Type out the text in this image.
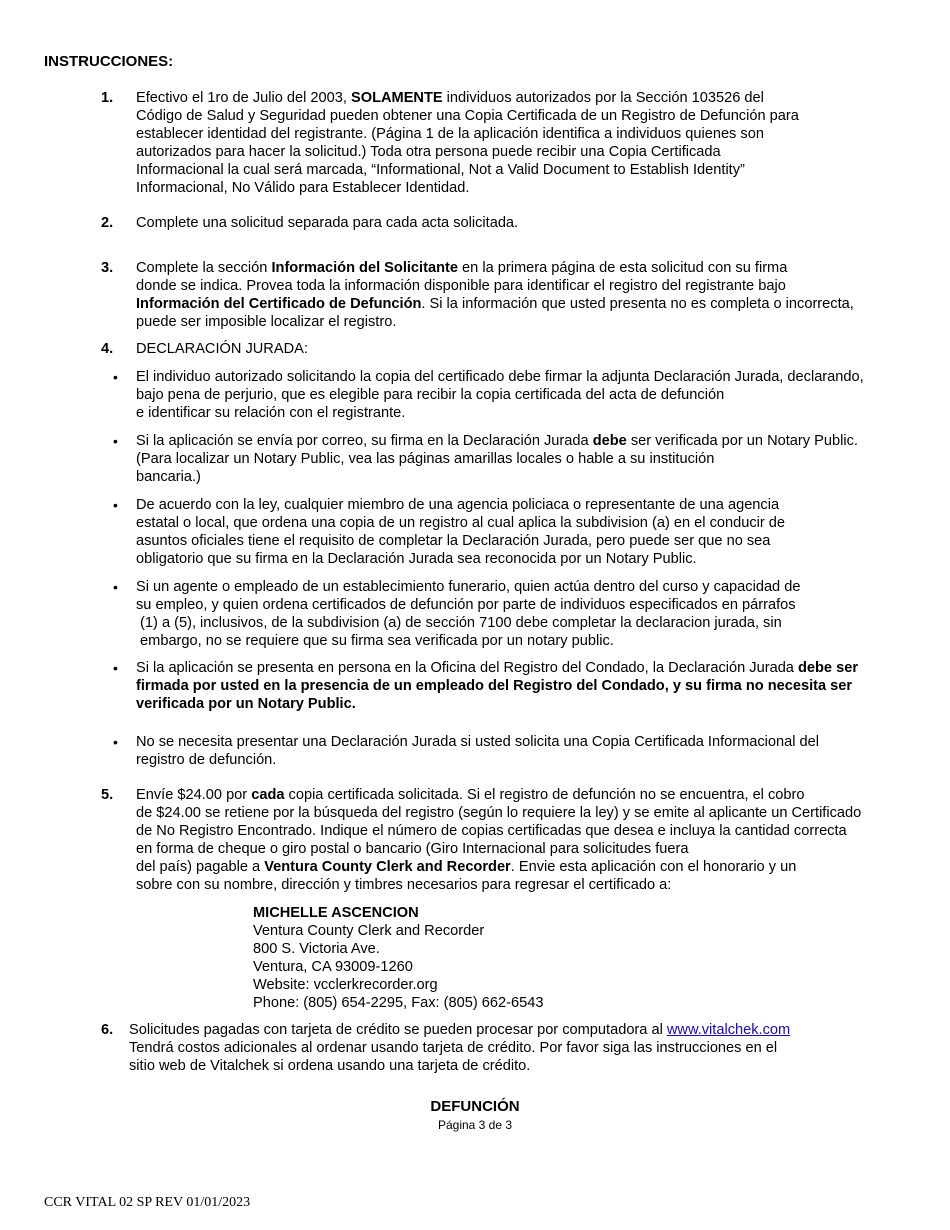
INSTRUCCIONES:
1. Efectivo el 1ro de Julio del 2003, SOLAMENTE individuos autorizados por la Sección 103526 del
Código de Salud y Seguridad pueden obtener una Copia Certificada de un Registro de Defunción para
establecer identidad del registrante. (Página 1 de la aplicación identifica a individuos quienes son
autorizados para hacer la solicitud.) Toda otra persona puede recibir una Copia Certificada
Informacional la cual será marcada, “Informational, Not a Valid Document to Establish Identity”
Informacional, No Válido para Establecer Identidad.
2. Complete una solicitud separada para cada acta solicitada.
3. Complete la sección Información del Solicitante en la primera página de esta solicitud con su firma
donde se indica. Provea toda la información disponible para identificar el registro del registrante bajo
Información del Certificado de Defunción. Si la información que usted presenta no es completa o incorrecta,
puede ser imposible localizar el registro.
4. DECLARACIÓN JURADA:
• El individuo autorizado solicitando la copia del certificado debe firmar la adjunta Declaración Jurada, declarando,
bajo pena de perjurio, que es elegible para recibir la copia certificada del acta de defunción
e identificar su relación con el registrante.
• Si la aplicación se envía por correo, su firma en la Declaración Jurada debe ser verificada por un Notary Public.
(Para localizar un Notary Public, vea las páginas amarillas locales o hable a su institución
bancaria.)
• De acuerdo con la ley, cualquier miembro de una agencia policiaca o representante de una agencia
estatal o local, que ordena una copia de un registro al cual aplica la subdivision (a) en el conducir de
asuntos oficiales tiene el requisito de completar la Declaración Jurada, pero puede ser que no sea
obligatorio que su firma en la Declaración Jurada sea reconocida por un Notary Public.
• Si un agente o empleado de un establecimiento funerario, quien actúa dentro del curso y capacidad de
su empleo, y quien ordena certificados de defunción por parte de individuos especificados en párrafos
(1) a (5), inclusivos, de la subdivision (a) de sección 7100 debe completar la declaracion jurada, sin
embargo, no se requiere que su firma sea verificada por un notary public.
• Si la aplicación se presenta en persona en la Oficina del Registro del Condado, la Declaración Jurada debe ser
firmada por usted en la presencia de un empleado del Registro del Condado, y su firma no necesita ser
verificada por un Notary Public.
• No se necesita presentar una Declaración Jurada si usted solicita una Copia Certificada Informacional del
registro de defunción.
5. Envíe $24.00 por cada copia certificada solicitada. Si el registro de defunción no se encuentra, el cobro
de $24.00 se retiene por la búsqueda del registro (según lo requiere la ley) y se emite al aplicante un Certificado
de No Registro Encontrado. Indique el número de copias certificadas que desea e incluya la cantidad correcta
en forma de cheque o giro postal o bancario (Giro Internacional para solicitudes fuera
del país) pagable a Ventura County Clerk and Recorder. Envie esta aplicación con el honorario y un
sobre con su nombre, dirección y timbres necesarios para regresar el certificado a:
MICHELLE ASCENCION
Ventura County Clerk and Recorder
800 S. Victoria Ave.
Ventura, CA 93009-1260
Website: vcclerkrecorder.org
Phone: (805) 654-2295, Fax: (805) 662-6543
6. Solicitudes pagadas con tarjeta de crédito se pueden procesar por computadora al www.vitalchek.com
Tendrá costos adicionales al ordenar usando tarjeta de crédito. Por favor siga las instrucciones en el
sitio web de Vitalchek si ordena usando una tarjeta de crédito.
DEFUNCIÓN
Página 3 de 3
CCR VITAL 02 SP REV 01/01/2023
